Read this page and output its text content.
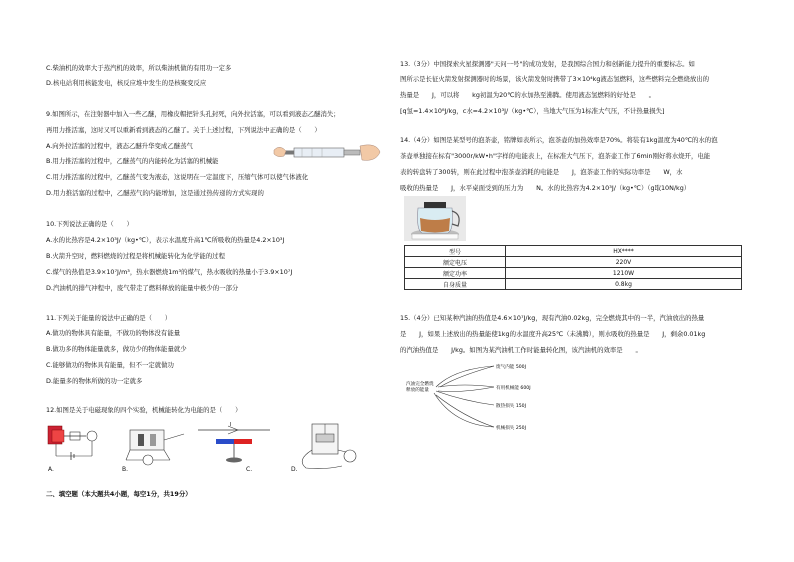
C.柴油机的效率大于蒸汽机的效率，所以柴油机做的有用功一定多
D.核电站利用核能发电，核反应堆中发生的是核聚变反应
9.如图所示，在注射器中加入一些乙醚，用橡皮帽把针头孔封死，向外拉活塞，可以看到液态乙醚消失；
再用力推活塞，这时又可以重新看到液态的乙醚了。关于上述过程，下列说法中正确的是（　　）
A.向外拉活塞的过程中，液态乙醚升华变成乙醚蒸气
B.用力推活塞的过程中，乙醚蒸气的内能转化为活塞的机械能
C.用力推活塞的过程中，乙醚蒸气变为液态，这说明在一定温度下，压缩气体可以使气体液化
D.用力推活塞的过程中，乙醚蒸气的内能增加，这是通过热传递的方式实现的
10.下列说法正确的是（　　）
A.水的比热容是4.2×10³J/（kg•℃），表示水温度升高1℃所吸收的热量是4.2×10³J
B.火箭升空时，燃料燃烧的过程是将机械能转化为化学能的过程
C.煤气的热值是3.9×10⁷J/m³，热水器燃烧1m³的煤气，热水吸收的热量小于3.9×10⁷J
D.汽油机的排气冲程中，废气带走了燃料释放的能量中极少的一部分
11.下列关于能量的说法中正确的是（　　）
A.做功的物体具有能量，不做功的物体没有能量
B.做功多的物体能量就多，做功少的物体能量就少
C.能够做功的物体具有能量，但不一定就做功
D.能量多的物体所做的功一定就多
12.如图是关于电磁现象的四个实验，机械能转化为电能的是（　　）
A.	B.
I
C.	D.
二、填空题（本大题共4小题，每空1分，共19分）
13.（3分）中国探索火星探测器"天问一号"的成功发射，是我国综合国力和创新能力提升的重要标志。如
图所示是长征火箭发射探测器时的场景，该火箭发射时携带了3×10⁴kg液态氢燃料，这些燃料完全燃烧放出的
热量是　　J，可以将　　kg初温为20℃的水加热至沸腾。使用液态氢燃料的好处是　　。
[q氢=1.4×10⁸J/kg，c水=4.2×10³J/（kg•℃），当地大气压为1标准大气压，不计热量损失]
14.（4分）如图是某型号的泡茶壶，铭牌如表所示，泡茶壶的加热效率是70%。将装有1kg温度为40℃的水的泡
茶壶单独接在标有"3000r/kW•h"字样的电能表上，在标准大气压下，泡茶壶工作了6min刚好将水烧开，电能
表的转盘转了300转，则在此过程中泡茶壶消耗的电能是　　J，泡茶壶工作的实际功率是　　W，水
吸收的热量是　　J，水平桌面受到的压力为　　N。水的比热容为4.2×10³J/（kg•℃）（g取10N/kg）
型号	HX****
额定电压	220V
额定功率	1210W
自身质量	0.8kg
15.（4分）已知某种汽油的热值是4.6×10⁷J/kg，现有汽油0.02kg，完全燃烧其中的一半，汽油放出的热量
是　　J，如果上述放出的热量能使1kg的水温度升高25℃（未沸腾），则水吸收的热量是　　J，剩余0.01kg
的汽油热值是　　J/kg。如图为某汽油机工作时能量转化图，该汽油机的效率是　　。
汽油完全燃烧
释放的能量
废气内能 500J
有用机械能 600J
散热损失 150J
机械损失 250J
